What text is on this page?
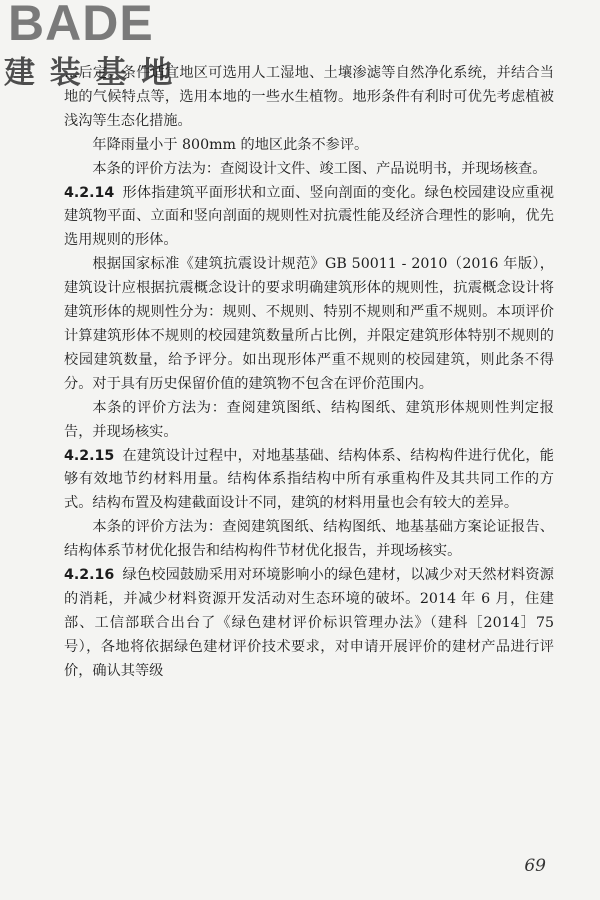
BADE
建 装 基 地

…后定。条件适宜地区可选用人工湿地、土壤渗滤等自然净化系统，并结合当地的气候特点等，选用本地的一些水生植物。地形条件有利时可优先考虑植被浅沟等生态化措施。

年降雨量小于 800mm 的地区此条不参评。

本条的评价方法为：查阅设计文件、竣工图、产品说明书，并现场核查。

4.2.14 形体指建筑平面形状和立面、竖向剖面的变化。绿色校园建设应重视建筑物平面、立面和竖向剖面的规则性对抗震性能及经济合理性的影响，优先选用规则的形体。

根据国家标准《建筑抗震设计规范》GB 50011 - 2010（2016 年版），建筑设计应根据抗震概念设计的要求明确建筑形体的规则性，抗震概念设计将建筑形体的规则性分为：规则、不规则、特别不规则和严重不规则。本项评价计算建筑形体不规则的校园建筑数量所占比例，并限定建筑形体特别不规则的校园建筑数量，给予评分。如出现形体严重不规则的校园建筑，则此条不得分。对于具有历史保留价值的建筑物不包含在评价范围内。

本条的评价方法为：查阅建筑图纸、结构图纸、建筑形体规则性判定报告，并现场核实。

4.2.15 在建筑设计过程中，对地基基础、结构体系、结构构件进行优化，能够有效地节约材料用量。结构体系指结构中所有承重构件及其共同工作的方式。结构布置及构建截面设计不同，建筑的材料用量也会有较大的差异。

本条的评价方法为：查阅建筑图纸、结构图纸、地基基础方案论证报告、结构体系节材优化报告和结构构件节材优化报告，并现场核实。

4.2.16 绿色校园鼓励采用对环境影响小的绿色建材，以减少对天然材料资源的消耗，并减少材料资源开发活动对生态环境的破坏。2014 年 6 月，住建部、工信部联合出台了《绿色建材评价标识管理办法》（建科［2014］75 号），各地将依据绿色建材评价技术要求，对申请开展评价的建材产品进行评价，确认其等级

69
